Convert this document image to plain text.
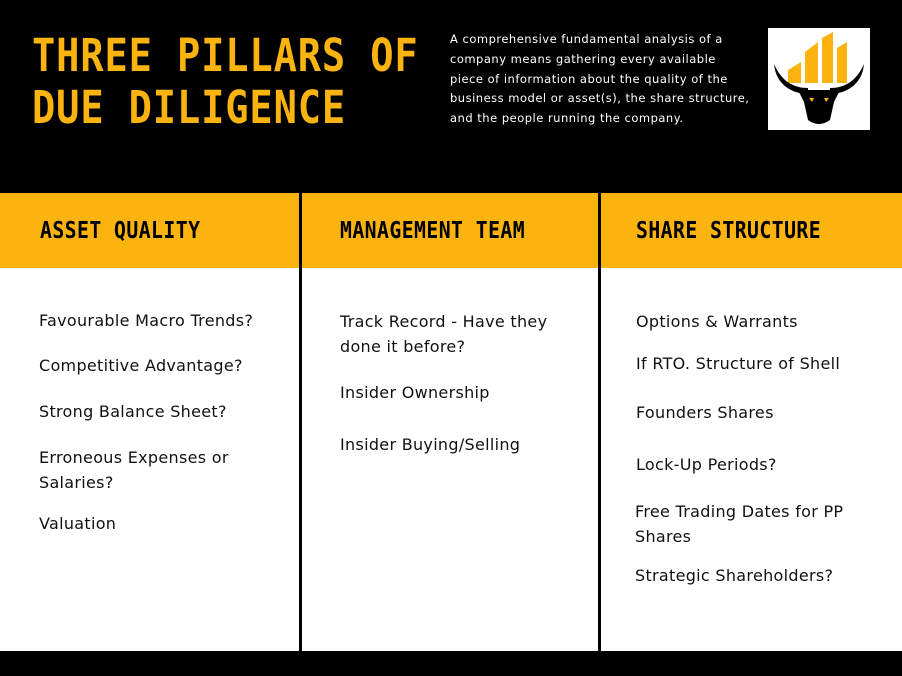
THREE PILLARS OF
DUE DILIGENCE
A comprehensive fundamental analysis of a company means gathering every available piece of information about the quality of the business model or asset(s), the share structure, and the people running the company.
ASSET QUALITY

Favourable Macro Trends?

Competitive Advantage?

Strong Balance Sheet?

Erroneous Expenses or Salaries?

Valuation

MANAGEMENT TEAM

Track Record - Have they done it before?

Insider Ownership

Insider Buying/Selling

SHARE STRUCTURE

Options & Warrants

If RTO. Structure of Shell

Founders Shares

Lock-Up Periods?

Free Trading Dates for PP Shares

Strategic Shareholders?
